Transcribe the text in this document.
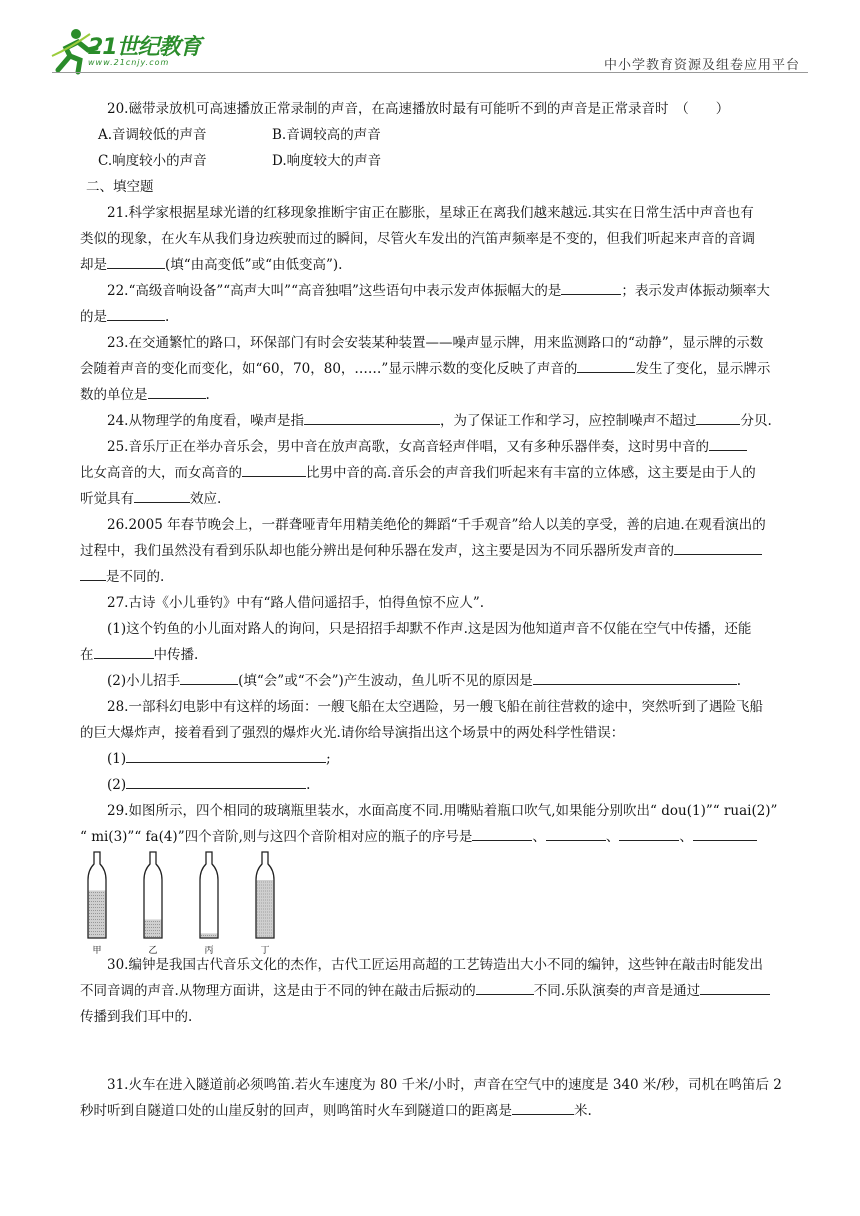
21世纪教育
www.21cnjy.com	中小学教育资源及组卷应用平台

20.磁带录放机可高速播放正常录制的声音，在高速播放时最有可能听不到的声音是正常录音时　（　　）

A.音调较低的声音	B.音调较高的声音
C.响度较小的声音	D.响度较大的声音

二、填空题

21.科学家根据星球光谱的红移现象推断宇宙正在膨胀，星球正在离我们越来越远.其实在日常生活中声音也有

类似的现象，在火车从我们身边疾驶而过的瞬间，尽管火车发出的汽笛声频率是不变的，但我们听起来声音的音调

却是	(填“由高变低”或“由低变高”).

22.“高级音响设备”“高声大叫”“高音独唱”这些语句中表示发声体振幅大的是	；表示发声体振动频率大

的是	.

23.在交通繁忙的路口，环保部门有时会安装某种装置——噪声显示牌，用来监测路口的“动静”，显示牌的示数

会随着声音的变化而变化，如“60，70，80，……”显示牌示数的变化反映了声音的	发生了变化，显示牌示

数的单位是	.

24.从物理学的角度看，噪声是指	，为了保证工作和学习，应控制噪声不超过	分贝.

25.音乐厅正在举办音乐会，男中音在放声高歌，女高音轻声伴唱，又有多种乐器伴奏，这时男中音的

比女高音的大，而女高音的	比男中音的高.音乐会的声音我们听起来有丰富的立体感，这主要是由于人的

听觉具有	效应.

26.2005 年春节晚会上，一群聋哑青年用精美绝伦的舞蹈“千手观音”给人以美的享受，善的启迪.在观看演出的

过程中，我们虽然没有看到乐队却也能分辨出是何种乐器在发声，这主要是因为不同乐器所发声音的

是不同的.

27.古诗《小儿垂钓》中有“路人借问遥招手，怕得鱼惊不应人”.

(1)这个钓鱼的小儿面对路人的询问，只是招招手却默不作声.这是因为他知道声音不仅能在空气中传播，还能

在	中传播.

(2)小儿招手	(填“会”或“不会”)产生波动，鱼儿听不见的原因是	.

28.一部科幻电影中有这样的场面：一艘飞船在太空遇险，另一艘飞船在前往营救的途中，突然听到了遇险飞船

的巨大爆炸声，接着看到了强烈的爆炸火光.请你给导演指出这个场景中的两处科学性错误：

(1)	;

(2)	.

29.如图所示，四个相同的玻璃瓶里装水，水面高度不同.用嘴贴着瓶口吹气,如果能分别吹出“ dou(1)”“ ruai(2)”

“ mi(3)”“ fa(4)”四个音阶,则与这四个音阶相对应的瓶子的序号是	、	、	、

甲	乙	丙	丁

30.编钟是我国古代音乐文化的杰作，古代工匠运用高超的工艺铸造出大小不同的编钟，这些钟在敲击时能发出

不同音调的声音.从物理方面讲，这是由于不同的钟在敲击后振动的	不同.乐队演奏的声音是通过

传播到我们耳中的.

31.火车在进入隧道前必须鸣笛.若火车速度为 80 千米/小时，声音在空气中的速度是 340 米/秒，司机在鸣笛后 2

秒时听到自隧道口处的山崖反射的回声，则鸣笛时火车到隧道口的距离是	米.
